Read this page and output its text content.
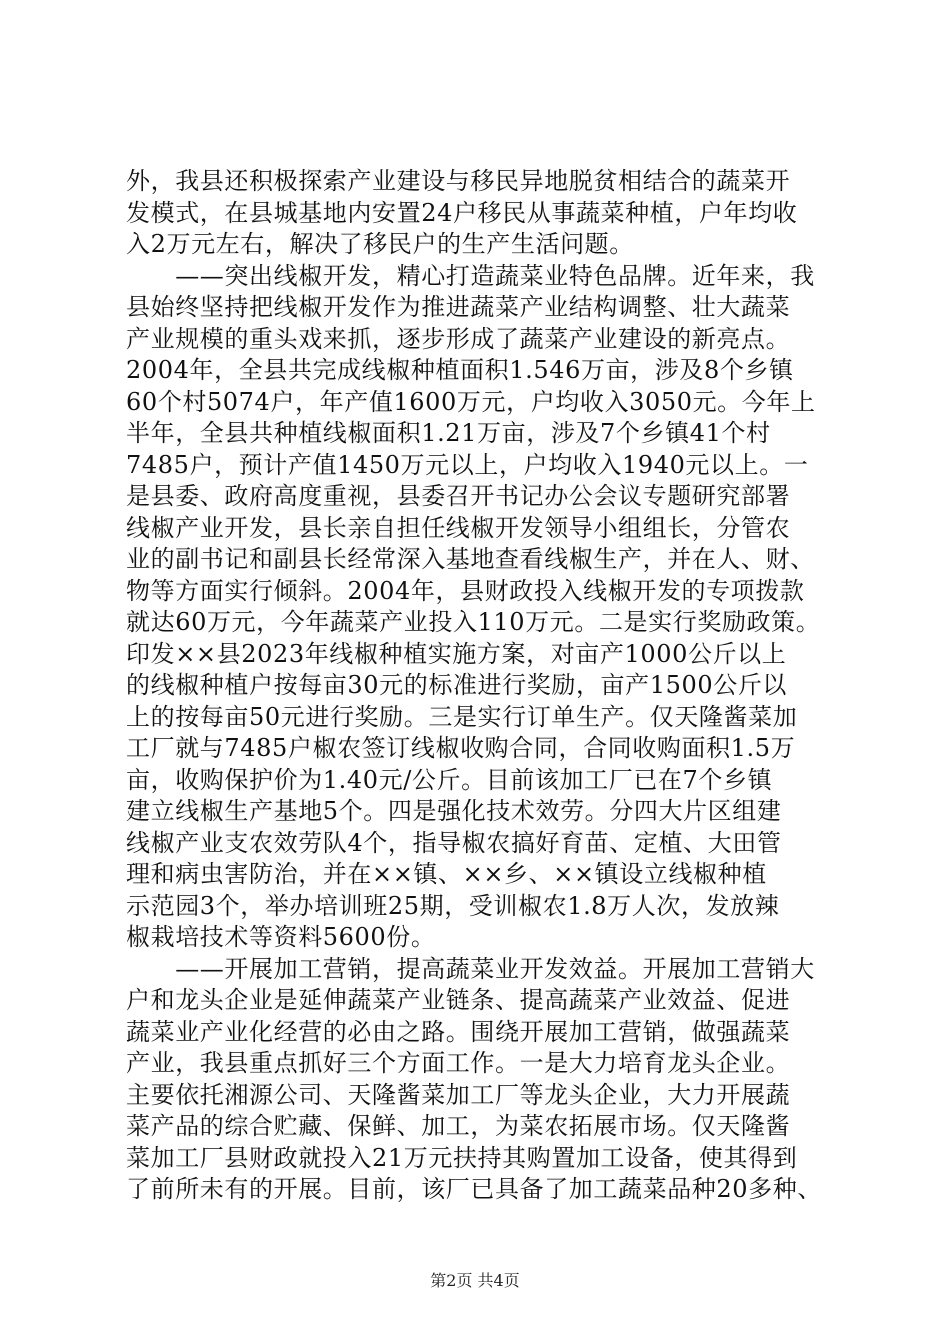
外，我县还积极探索产业建设与移民异地脱贫相结合的蔬菜开
发模式，在县城基地内安置24户移民从事蔬菜种植，户年均收
入2万元左右，解决了移民户的生产生活问题。
　　——突出线椒开发，精心打造蔬菜业特色品牌。近年来，我
县始终坚持把线椒开发作为推进蔬菜产业结构调整、壮大蔬菜
产业规模的重头戏来抓，逐步形成了蔬菜产业建设的新亮点。
2004年，全县共完成线椒种植面积1.546万亩，涉及8个乡镇
60个村5074户，年产值1600万元，户均收入3050元。今年上
半年，全县共种植线椒面积1.21万亩，涉及7个乡镇41个村
7485户，预计产值1450万元以上，户均收入1940元以上。一
是县委、政府高度重视，县委召开书记办公会议专题研究部署
线椒产业开发，县长亲自担任线椒开发领导小组组长，分管农
业的副书记和副县长经常深入基地查看线椒生产，并在人、财、
物等方面实行倾斜。2004年，县财政投入线椒开发的专项拨款
就达60万元，今年蔬菜产业投入110万元。二是实行奖励政策。
印发××县2023年线椒种植实施方案，对亩产1000公斤以上
的线椒种植户按每亩30元的标准进行奖励，亩产1500公斤以
上的按每亩50元进行奖励。三是实行订单生产。仅天隆酱菜加
工厂就与7485户椒农签订线椒收购合同，合同收购面积1.5万
亩，收购保护价为1.40元/公斤。目前该加工厂已在7个乡镇
建立线椒生产基地5个。四是强化技术效劳。分四大片区组建
线椒产业支农效劳队4个，指导椒农搞好育苗、定植、大田管
理和病虫害防治，并在××镇、××乡、××镇设立线椒种植
示范园3个，举办培训班25期，受训椒农1.8万人次，发放辣
椒栽培技术等资料5600份。
　　——开展加工营销，提高蔬菜业开发效益。开展加工营销大
户和龙头企业是延伸蔬菜产业链条、提高蔬菜产业效益、促进
蔬菜业产业化经营的必由之路。围绕开展加工营销，做强蔬菜
产业，我县重点抓好三个方面工作。一是大力培育龙头企业。
主要依托湘源公司、天隆酱菜加工厂等龙头企业，大力开展蔬
菜产品的综合贮藏、保鲜、加工，为菜农拓展市场。仅天隆酱
菜加工厂县财政就投入21万元扶持其购置加工设备，使其得到
了前所未有的开展。目前，该厂已具备了加工蔬菜品种20多种、
第2页 共4页
